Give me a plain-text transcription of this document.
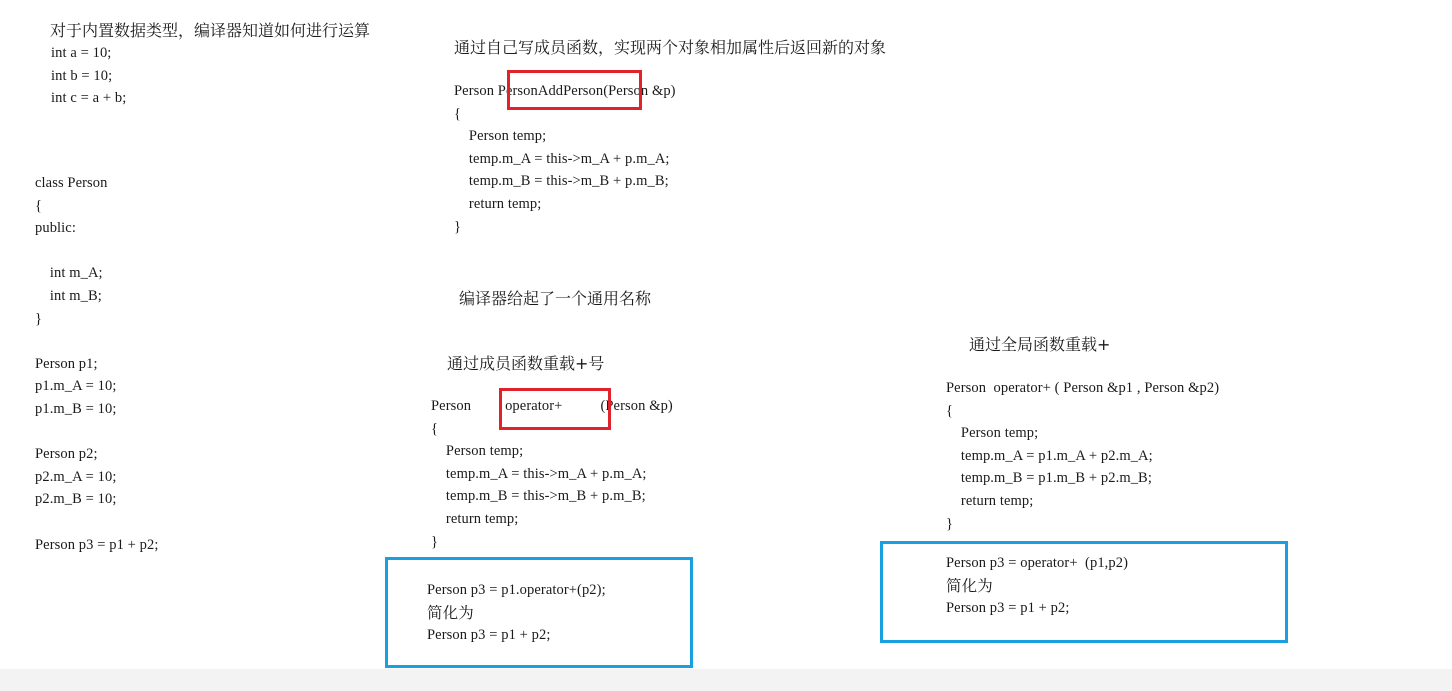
对于内置数据类型，编译器知道如何进行运算
int a = 10;
int b = 10;
int c = a + b;
class Person
{
public:
int m_A;
int m_B;
}
Person p1;
p1.m_A = 10;
p1.m_B = 10;
Person p2;
p2.m_A = 10;
p2.m_B = 10;
Person p3 = p1 + p2;
通过自己写成员函数，实现两个对象相加属性后返回新的对象
Person PersonAddPerson(Person &p)
{
Person temp;
temp.m_A = this->m_A + p.m_A;
temp.m_B = this->m_B + p.m_B;
return temp;
}
编译器给起了一个通用名称
通过成员函数重载+号
Person operator+	(Person &p)
{
Person temp;
temp.m_A = this->m_A + p.m_A;
temp.m_B = this->m_B + p.m_B;
return temp;
}
Person p3 = p1.operator+(p2);
简化为
Person p3 = p1 + p2;
通过全局函数重载+
Person  operator+ ( Person &p1 , Person &p2)
{
Person temp;
temp.m_A = p1.m_A + p2.m_A;
temp.m_B = p1.m_B + p2.m_B;
return temp;
}
Person p3 = operator+  (p1,p2)
简化为
Person p3 = p1 + p2;
